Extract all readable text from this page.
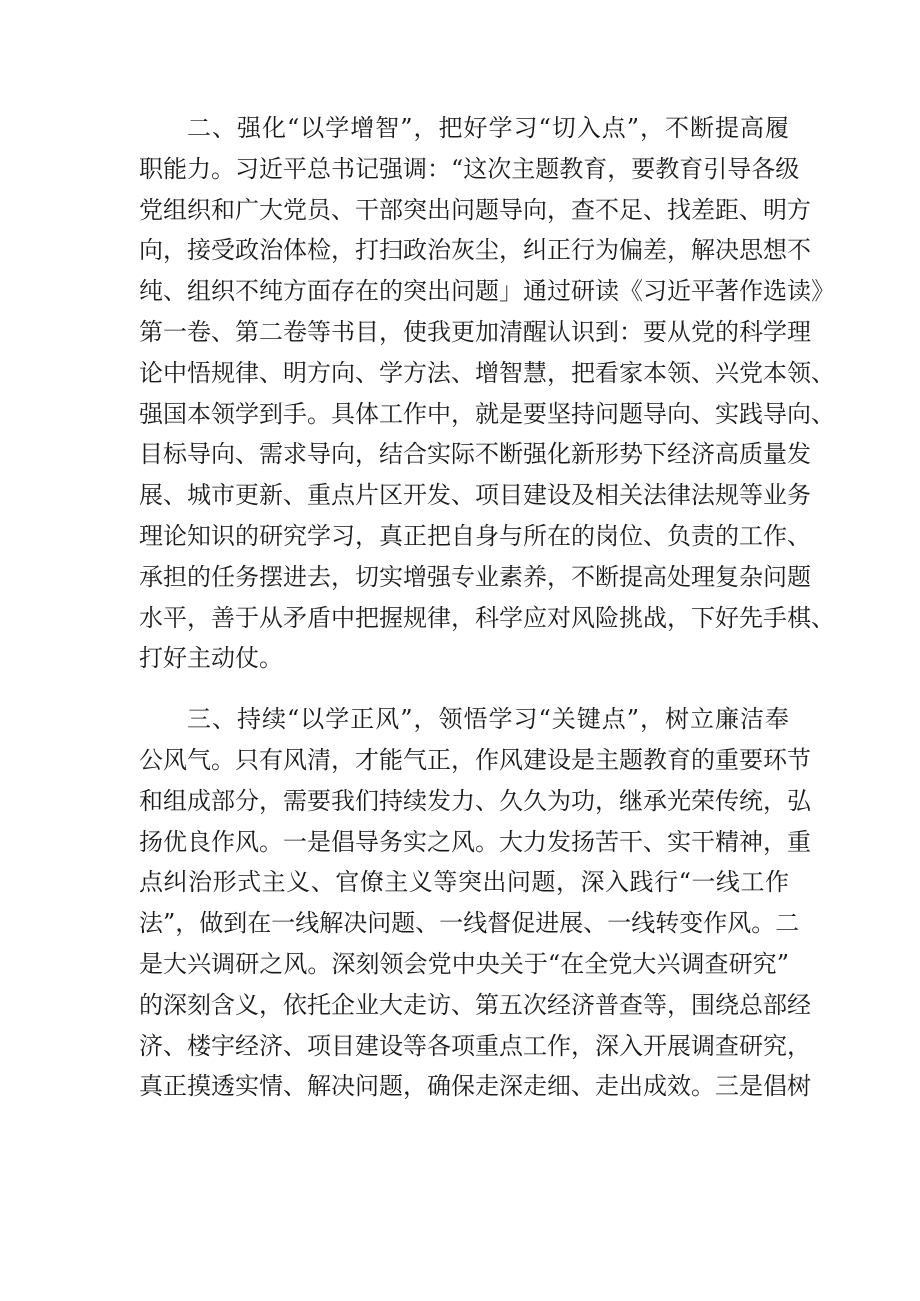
二、强化“以学增智”，把好学习“切入点”，不断提高履
职能力。习近平总书记强调：“这次主题教育，要教育引导各级
党组织和广大党员、干部突出问题导向，查不足、找差距、明方
向，接受政治体检，打扫政治灰尘，纠正行为偏差，解决思想不
纯、组织不纯方面存在的突出问题」通过研读《习近平著作选读》
第一卷、第二卷等书目，使我更加清醒认识到：要从党的科学理
论中悟规律、明方向、学方法、增智慧，把看家本领、兴党本领、
强国本领学到手。具体工作中，就是要坚持问题导向、实践导向、
目标导向、需求导向，结合实际不断强化新形势下经济高质量发
展、城市更新、重点片区开发、项目建设及相关法律法规等业务
理论知识的研究学习，真正把自身与所在的岗位、负责的工作、
承担的任务摆进去，切实增强专业素养，不断提高处理复杂问题
水平，善于从矛盾中把握规律，科学应对风险挑战，下好先手棋、
打好主动仗。
三、持续“以学正风”，领悟学习“关键点”，树立廉洁奉
公风气。只有风清，才能气正，作风建设是主题教育的重要环节
和组成部分，需要我们持续发力、久久为功，继承光荣传统，弘
扬优良作风。一是倡导务实之风。大力发扬苦干、实干精神，重
点纠治形式主义、官僚主义等突出问题，深入践行“一线工作
法”，做到在一线解决问题、一线督促进展、一线转变作风。二
是大兴调研之风。深刻领会党中央关于“在全党大兴调查研究”
的深刻含义，依托企业大走访、第五次经济普查等，围绕总部经
济、楼宇经济、项目建设等各项重点工作，深入开展调查研究，
真正摸透实情、解决问题，确保走深走细、走出成效。三是倡树
